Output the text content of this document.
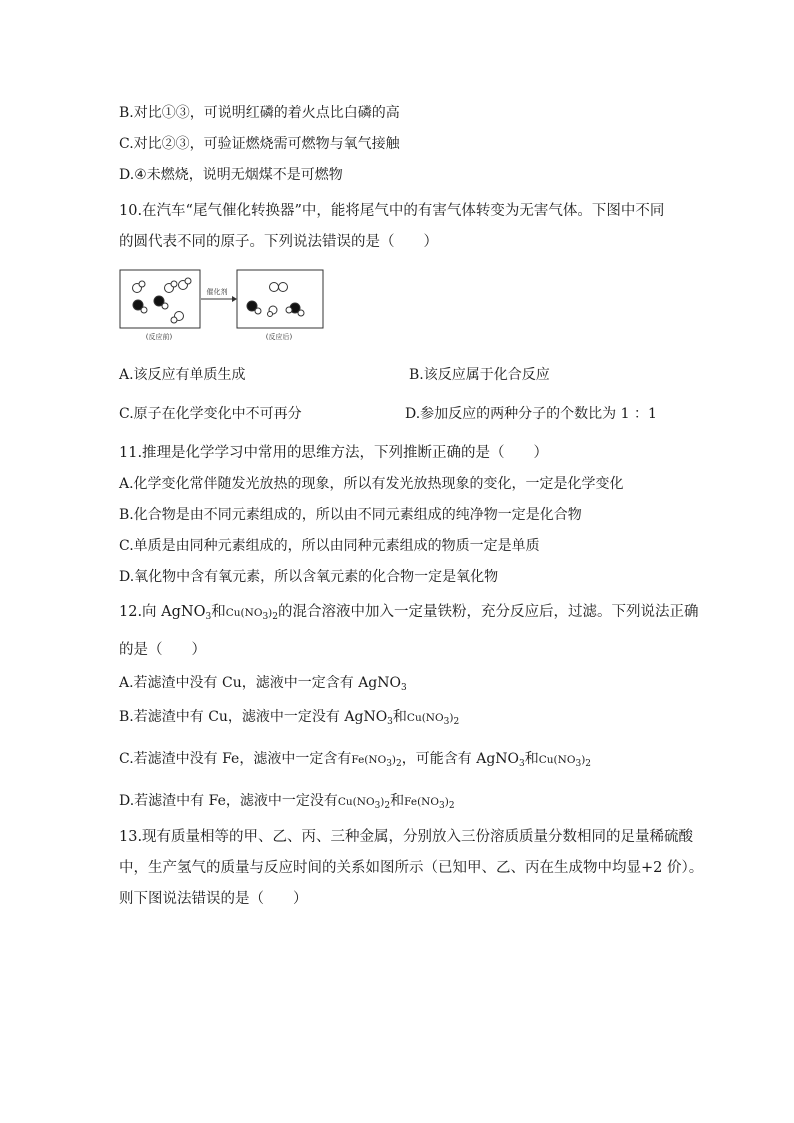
B.对比①③，可说明红磷的着火点比白磷的高
C.对比②③，可验证燃烧需可燃物与氧气接触
D.④未燃烧，说明无烟煤不是可燃物
10.在汽车“尾气催化转换器”中，能将尾气中的有害气体转变为无害气体。下图中不同
的圆代表不同的原子。下列说法错误的是（　　）
催化剂
(反应前)	(反应后)
A.该反应有单质生成	B.该反应属于化合反应
C.原子在化学变化中不可再分	D.参加反应的两种分子的个数比为 1 ：1
11.推理是化学学习中常用的思维方法，下列推断正确的是（　　）
A.化学变化常伴随发光放热的现象，所以有发光放热现象的变化，一定是化学变化
B.化合物是由不同元素组成的，所以由不同元素组成的纯净物一定是化合物
C.单质是由同种元素组成的，所以由同种元素组成的物质一定是单质
D.氧化物中含有氧元素，所以含氧元素的化合物一定是氧化物
12.向 AgNO$_3$和$Cu(NO_3)_2$的混合溶液中加入一定量铁粉，充分反应后，过滤。下列说法正确
的是（　　）
A.若滤渣中没有 Cu，滤液中一定含有 AgNO$_3$
B.若滤渣中有 Cu，滤液中一定没有 AgNO$_3$和$Cu(NO_3)_2$
C.若滤渣中没有 Fe，滤液中一定含有$Fe(NO_3)_2$，可能含有 AgNO$_3$和$Cu(NO_3)_2$
D.若滤渣中有 Fe，滤液中一定没有$Cu(NO_3)_2$和$Fe(NO_3)_2$
13.现有质量相等的甲、乙、丙、三种金属，分别放入三份溶质质量分数相同的足量稀硫酸
中，生产氢气的质量与反应时间的关系如图所示（已知甲、乙、丙在生成物中均显+2 价）。
则下图说法错误的是（　　）
